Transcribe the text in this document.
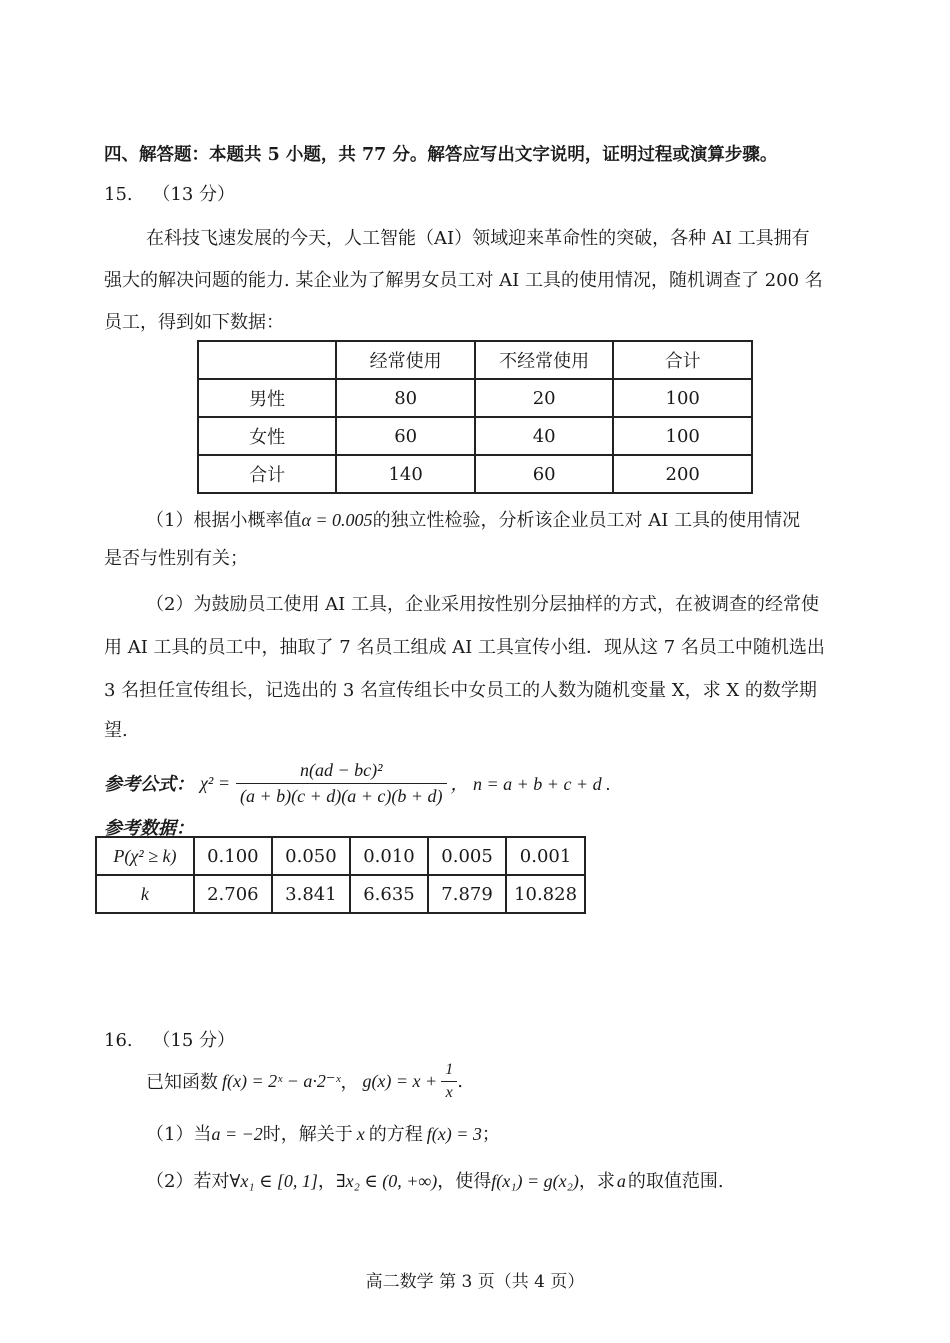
四、解答题：本题共 5 小题，共 77 分。解答应写出文字说明，证明过程或演算步骤。
15. （13 分）
在科技飞速发展的今天，人工智能（AI）领域迎来革命性的突破，各种 AI 工具拥有
强大的解决问题的能力. 某企业为了解男女员工对 AI 工具的使用情况，随机调查了 200 名
员工，得到如下数据：
	经常使用	不经常使用	合计
男性	80	20	100
女性	60	40	100
合计	140	60	200
（1）根据小概率值α = 0.005的独立性检验，分析该企业员工对 AI 工具的使用情况
是否与性别有关；
（2）为鼓励员工使用 AI 工具，企业采用按性别分层抽样的方式，在被调查的经常使
用 AI 工具的员工中，抽取了 7 名员工组成 AI 工具宣传小组．现从这 7 名员工中随机选出
3 名担任宣传组长，记选出的 3 名宣传组长中女员工的人数为随机变量 X，求 X 的数学期
望.
参考公式： $\chi^2 = \frac{\text{n(ad − bc)²}}{(a + b)(c + d)(a + c)(b + d)}$ ， n = a + b + c + d .
参考数据：
P(χ² ≥ k)	0.100	0.050	0.010	0.005	0.001
k	2.706	3.841	6.635	7.879	10.828
16. （15 分）
已知函数 f(x) = 2ˣ − a·2⁻ˣ ， $g(x) = x + \frac{1}{x}$ .
（1）当a = −2时，解关于 x 的方程 f(x) = 3；
（2）若对∀x₁ ∈ [0, 1]，∃x₂ ∈ (0, +∞)，使得f(x₁) = g(x₂)，求 a 的取值范围.
高二数学 第 3 页（共 4 页）
